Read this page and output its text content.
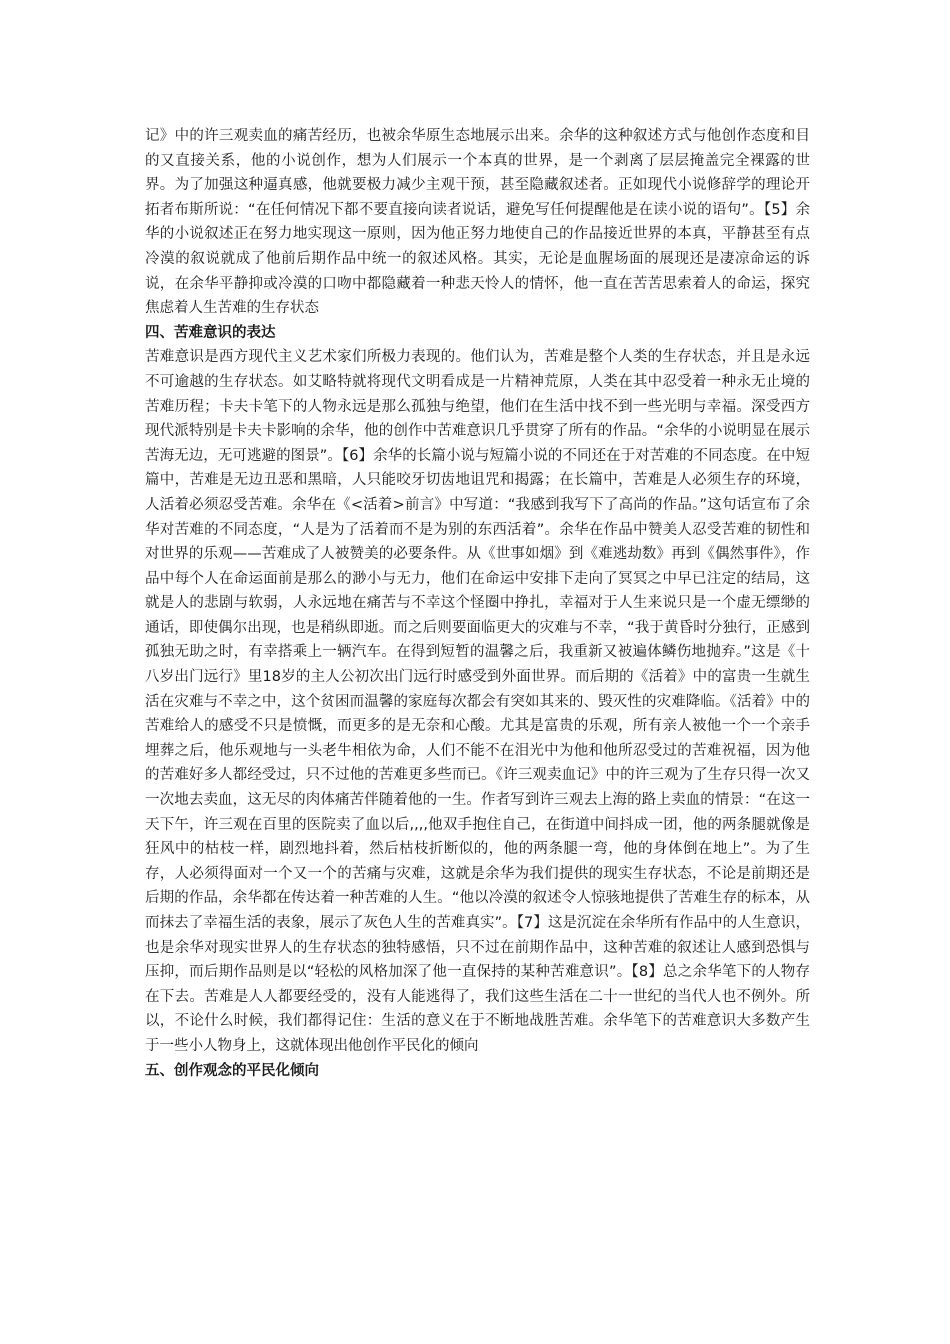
记》中的许三观卖血的痛苦经历，也被余华原生态地展示出来。余华的这种叙述方式与他创作态度和目的又直接关系，他的小说创作，想为人们展示一个本真的世界，是一个剥离了层层掩盖完全裸露的世界。为了加强这种逼真感，他就要极力减少主观干预，甚至隐藏叙述者。正如现代小说修辞学的理论开拓者布斯所说：“在任何情况下都不要直接向读者说话，避免写任何提醒他是在读小说的语句”。【5】余华的小说叙述正在努力地实现这一原则，因为他正努力地使自己的作品接近世界的本真，平静甚至有点冷漠的叙说就成了他前后期作品中统一的叙述风格。其实，无论是血腥场面的展现还是凄凉命运的诉说，在余华平静抑或冷漠的口吻中都隐藏着一种悲天怜人的情怀，他一直在苦苦思索着人的命运，探究焦虑着人生苦难的生存状态

四、苦难意识的表达

苦难意识是西方现代主义艺术家们所极力表现的。他们认为，苦难是整个人类的生存状态，并且是永远不可逾越的生存状态。如艾略特就将现代文明看成是一片精神荒原，人类在其中忍受着一种永无止境的苦难历程；卡夫卡笔下的人物永远是那么孤独与绝望，他们在生活中找不到一些光明与幸福。深受西方现代派特别是卡夫卡影响的余华，他的创作中苦难意识几乎贯穿了所有的作品。“余华的小说明显在展示苦海无边，无可逃避的图景”。【6】余华的长篇小说与短篇小说的不同还在于对苦难的不同态度。在中短篇中，苦难是无边丑恶和黑暗，人只能咬牙切齿地诅咒和揭露；在长篇中，苦难是人必须生存的环境，人活着必须忍受苦难。余华在《<活着>前言》中写道：“我感到我写下了高尚的作品。”这句话宣布了余华对苦难的不同态度，“人是为了活着而不是为别的东西活着”。余华在作品中赞美人忍受苦难的韧性和对世界的乐观——苦难成了人被赞美的必要条件。从《世事如烟》到《难逃劫数》再到《偶然事件》，作品中每个人在命运面前是那么的渺小与无力，他们在命运中安排下走向了冥冥之中早已注定的结局，这就是人的悲剧与软弱，人永远地在痛苦与不幸这个怪圈中挣扎，幸福对于人生来说只是一个虚无缥缈的通话，即使偶尔出现，也是稍纵即逝。而之后则要面临更大的灾难与不幸，“我于黄昏时分独行，正感到孤独无助之时，有幸搭乘上一辆汽车。在得到短暂的温馨之后，我重新又被遍体鳞伤地抛弃。”这是《十八岁出门远行》里18岁的主人公初次出门远行时感受到外面世界。而后期的《活着》中的富贵一生就生活在灾难与不幸之中，这个贫困而温馨的家庭每次都会有突如其来的、毁灭性的灾难降临。《活着》中的苦难给人的感受不只是愤慨，而更多的是无奈和心酸。尤其是富贵的乐观，所有亲人被他一个一个亲手埋葬之后，他乐观地与一头老牛相依为命，人们不能不在泪光中为他和他所忍受过的苦难祝福，因为他的苦难好多人都经受过，只不过他的苦难更多些而已。《许三观卖血记》中的许三观为了生存只得一次又一次地去卖血，这无尽的肉体痛苦伴随着他的一生。作者写到许三观去上海的路上卖血的情景：“在这一天下午，许三观在百里的医院卖了血以后,,,,他双手抱住自己，在街道中间抖成一团，他的两条腿就像是狂风中的枯枝一样，剧烈地抖着，然后枯枝折断似的，他的两条腿一弯，他的身体倒在地上”。为了生存，人必须得面对一个又一个的苦痛与灾难，这就是余华为我们提供的现实生存状态，不论是前期还是后期的作品，余华都在传达着一种苦难的人生。“他以冷漠的叙述令人惊骇地提供了苦难生存的标本，从而抹去了幸福生活的表象，展示了灰色人生的苦难真实”。【7】这是沉淀在余华所有作品中的人生意识，也是余华对现实世界人的生存状态的独特感悟，只不过在前期作品中，这种苦难的叙述让人感到恐惧与压抑，而后期作品则是以“轻松的风格加深了他一直保持的某种苦难意识”。【8】总之余华笔下的人物存在下去。苦难是人人都要经受的，没有人能逃得了，我们这些生活在二十一世纪的当代人也不例外。所以，不论什么时候，我们都得记住：生活的意义在于不断地战胜苦难。余华笔下的苦难意识大多数产生于一些小人物身上，这就体现出他创作平民化的倾向

五、创作观念的平民化倾向
